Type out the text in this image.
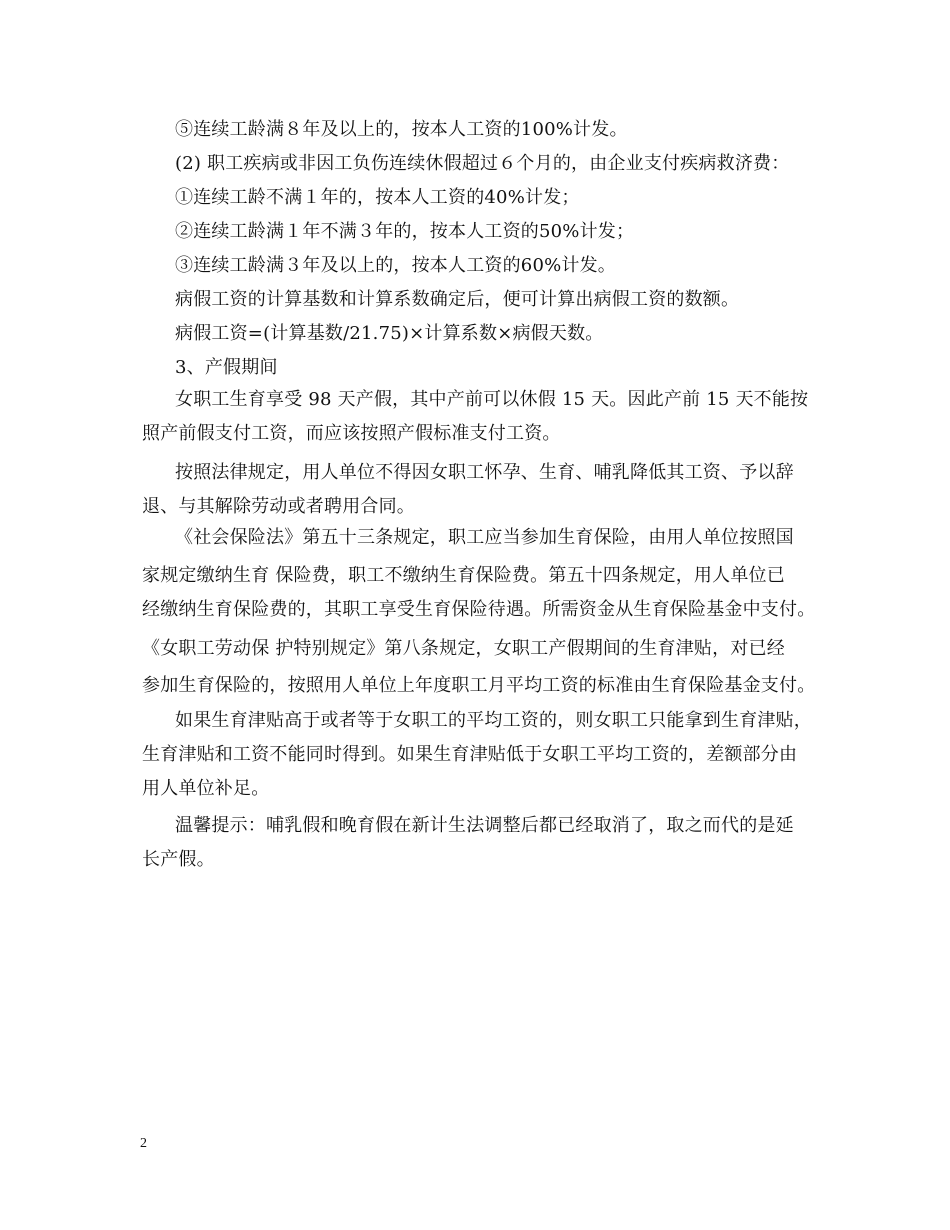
⑤连续工龄满８年及以上的，按本人工资的100%计发。
(2) 职工疾病或非因工负伤连续休假超过６个月的，由企业支付疾病救济费：
①连续工龄不满１年的，按本人工资的40%计发；
②连续工龄满１年不满３年的，按本人工资的50%计发；
③连续工龄满３年及以上的，按本人工资的60%计发。
病假工资的计算基数和计算系数确定后，便可计算出病假工资的数额。
病假工资=(计算基数/21.75)×计算系数×病假天数。
3、产假期间
女职工生育享受 98 天产假，其中产前可以休假 15 天。因此产前 15 天不能按
照产前假支付工资，而应该按照产假标准支付工资。
按照法律规定，用人单位不得因女职工怀孕、生育、哺乳降低其工资、予以辞
退、与其解除劳动或者聘用合同。
《社会保险法》第五十三条规定，职工应当参加生育保险，由用人单位按照国
家规定缴纳生育 保险费，职工不缴纳生育保险费。第五十四条规定，用人单位已
经缴纳生育保险费的，其职工享受生育保险待遇。所需资金从生育保险基金中支付。
《女职工劳动保 护特别规定》第八条规定，女职工产假期间的生育津贴，对已经
参加生育保险的，按照用人单位上年度职工月平均工资的标准由生育保险基金支付。
如果生育津贴高于或者等于女职工的平均工资的，则女职工只能拿到生育津贴，
生育津贴和工资不能同时得到。如果生育津贴低于女职工平均工资的，差额部分由
用人单位补足。
温馨提示：哺乳假和晚育假在新计生法调整后都已经取消了，取之而代的是延
长产假。
2
